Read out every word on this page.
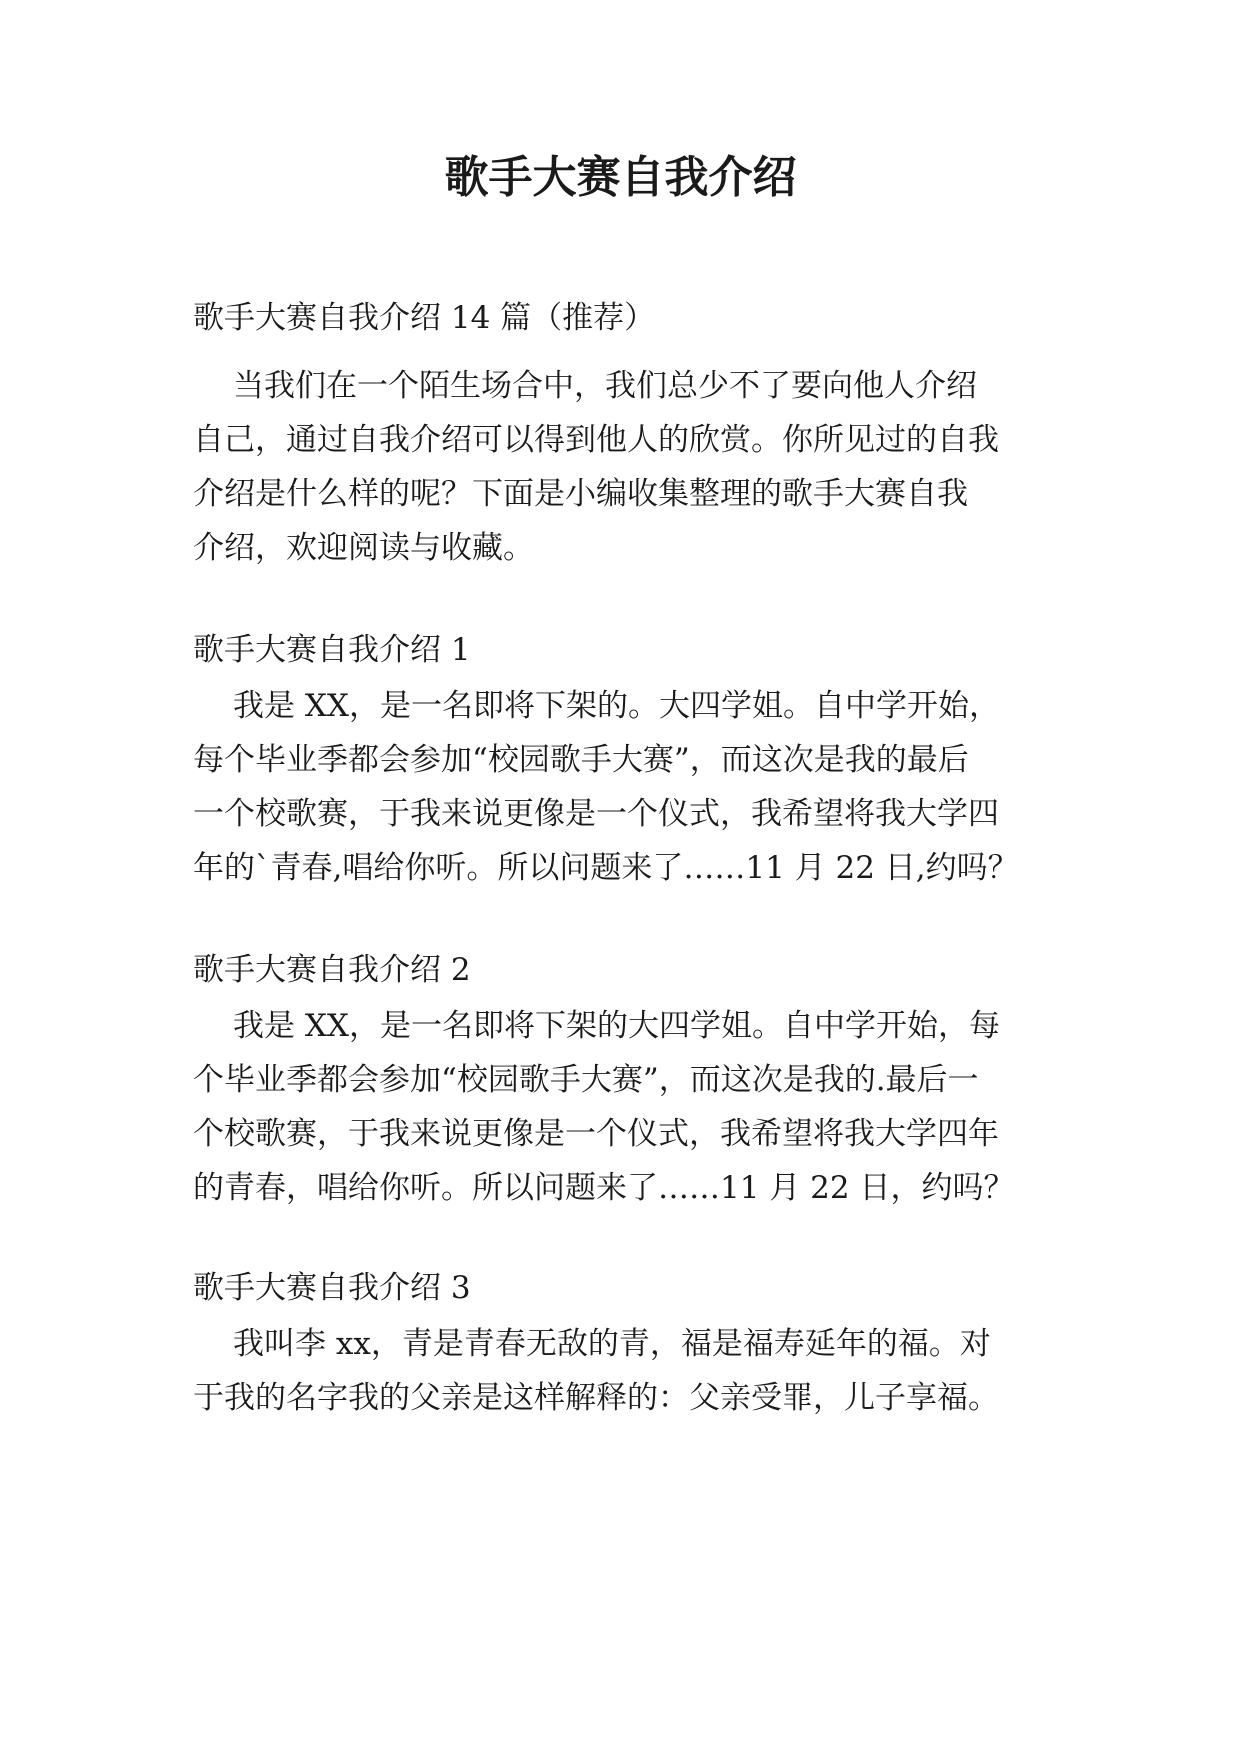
歌手大赛自我介绍

歌手大赛自我介绍 14 篇（推荐）

当我们在一个陌生场合中，我们总少不了要向他人介绍

自己，通过自我介绍可以得到他人的欣赏。你所见过的自我

介绍是什么样的呢？下面是小编收集整理的歌手大赛自我

介绍，欢迎阅读与收藏。

歌手大赛自我介绍 1

我是 XX，是一名即将下架的。大四学姐。自中学开始，

每个毕业季都会参加“校园歌手大赛”，而这次是我的最后

一个校歌赛，于我来说更像是一个仪式，我希望将我大学四

年的`青春,唱给你听。所以问题来了……11 月 22 日,约吗？

歌手大赛自我介绍 2

我是 XX，是一名即将下架的大四学姐。自中学开始，每

个毕业季都会参加“校园歌手大赛”，而这次是我的.最后一

个校歌赛，于我来说更像是一个仪式，我希望将我大学四年

的青春，唱给你听。所以问题来了……11 月 22 日，约吗？

歌手大赛自我介绍 3

我叫李 xx，青是青春无敌的青，福是福寿延年的福。对

于我的名字我的父亲是这样解释的：父亲受罪，儿子享福。
